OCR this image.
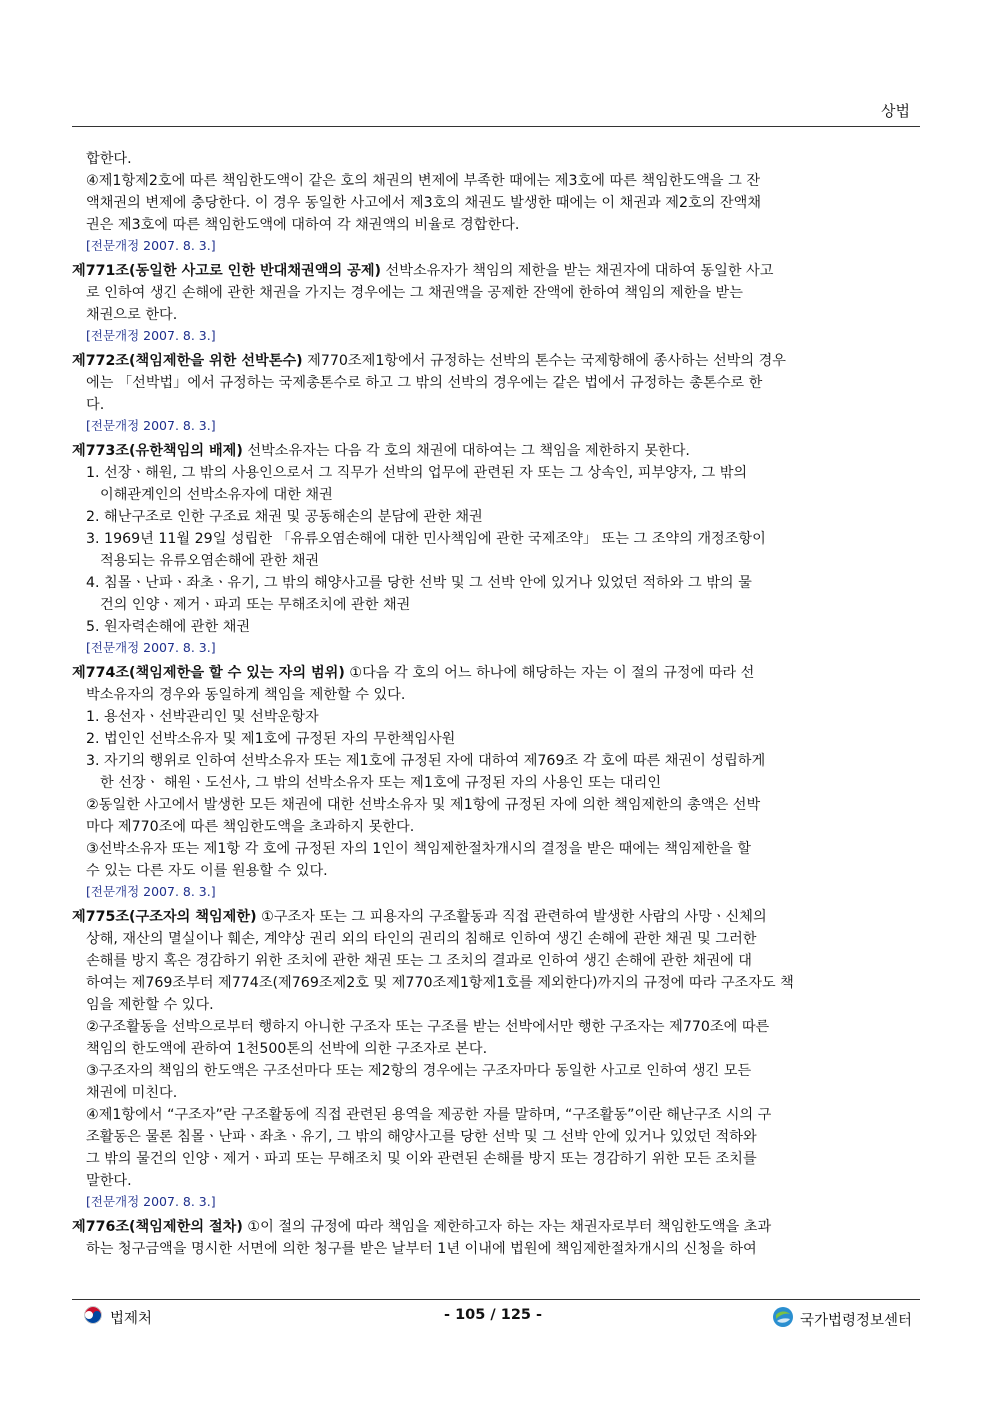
상법
합한다.
④제1항제2호에 따른 책임한도액이 같은 호의 채권의 변제에 부족한 때에는 제3호에 따른 책임한도액을 그 잔
액채권의 변제에 충당한다. 이 경우 동일한 사고에서 제3호의 채권도 발생한 때에는 이 채권과 제2호의 잔액채
권은 제3호에 따른 책임한도액에 대하여 각 채권액의 비율로 경합한다.
[전문개정 2007. 8. 3.]
제771조(동일한 사고로 인한 반대채권액의 공제) 선박소유자가 책임의 제한을 받는 채권자에 대하여 동일한 사고
로 인하여 생긴 손해에 관한 채권을 가지는 경우에는 그 채권액을 공제한 잔액에 한하여 책임의 제한을 받는
채권으로 한다.
[전문개정 2007. 8. 3.]
제772조(책임제한을 위한 선박톤수) 제770조제1항에서 규정하는 선박의 톤수는 국제항해에 종사하는 선박의 경우
에는 「선박법」에서 규정하는 국제총톤수로 하고 그 밖의 선박의 경우에는 같은 법에서 규정하는 총톤수로 한
다.
[전문개정 2007. 8. 3.]
제773조(유한책임의 배제) 선박소유자는 다음 각 호의 채권에 대하여는 그 책임을 제한하지 못한다.
1. 선장ㆍ해원, 그 밖의 사용인으로서 그 직무가 선박의 업무에 관련된 자 또는 그 상속인, 피부양자, 그 밖의
이해관계인의 선박소유자에 대한 채권
2. 해난구조로 인한 구조료 채권 및 공동해손의 분담에 관한 채권
3. 1969년 11월 29일 성립한 「유류오염손해에 대한 민사책임에 관한 국제조약」 또는 그 조약의 개정조항이
적용되는 유류오염손해에 관한 채권
4. 침몰ㆍ난파ㆍ좌초ㆍ유기, 그 밖의 해양사고를 당한 선박 및 그 선박 안에 있거나 있었던 적하와 그 밖의 물
건의 인양ㆍ제거ㆍ파괴 또는 무해조치에 관한 채권
5. 원자력손해에 관한 채권
[전문개정 2007. 8. 3.]
제774조(책임제한을 할 수 있는 자의 범위) ①다음 각 호의 어느 하나에 해당하는 자는 이 절의 규정에 따라 선
박소유자의 경우와 동일하게 책임을 제한할 수 있다.
1. 용선자ㆍ선박관리인 및 선박운항자
2. 법인인 선박소유자 및 제1호에 규정된 자의 무한책임사원
3. 자기의 행위로 인하여 선박소유자 또는 제1호에 규정된 자에 대하여 제769조 각 호에 따른 채권이 성립하게
한 선장ㆍ 해원ㆍ도선사, 그 밖의 선박소유자 또는 제1호에 규정된 자의 사용인 또는 대리인
②동일한 사고에서 발생한 모든 채권에 대한 선박소유자 및 제1항에 규정된 자에 의한 책임제한의 총액은 선박
마다 제770조에 따른 책임한도액을 초과하지 못한다.
③선박소유자 또는 제1항 각 호에 규정된 자의 1인이 책임제한절차개시의 결정을 받은 때에는 책임제한을 할
수 있는 다른 자도 이를 원용할 수 있다.
[전문개정 2007. 8. 3.]
제775조(구조자의 책임제한) ①구조자 또는 그 피용자의 구조활동과 직접 관련하여 발생한 사람의 사망ㆍ신체의
상해, 재산의 멸실이나 훼손, 계약상 권리 외의 타인의 권리의 침해로 인하여 생긴 손해에 관한 채권 및 그러한
손해를 방지 혹은 경감하기 위한 조치에 관한 채권 또는 그 조치의 결과로 인하여 생긴 손해에 관한 채권에 대
하여는 제769조부터 제774조(제769조제2호 및 제770조제1항제1호를 제외한다)까지의 규정에 따라 구조자도 책
임을 제한할 수 있다.
②구조활동을 선박으로부터 행하지 아니한 구조자 또는 구조를 받는 선박에서만 행한 구조자는 제770조에 따른
책임의 한도액에 관하여 1천500톤의 선박에 의한 구조자로 본다.
③구조자의 책임의 한도액은 구조선마다 또는 제2항의 경우에는 구조자마다 동일한 사고로 인하여 생긴 모든
채권에 미친다.
④제1항에서 “구조자”란 구조활동에 직접 관련된 용역을 제공한 자를 말하며, “구조활동”이란 해난구조 시의 구
조활동은 물론 침몰ㆍ난파ㆍ좌초ㆍ유기, 그 밖의 해양사고를 당한 선박 및 그 선박 안에 있거나 있었던 적하와
그 밖의 물건의 인양ㆍ제거ㆍ파괴 또는 무해조치 및 이와 관련된 손해를 방지 또는 경감하기 위한 모든 조치를
말한다.
[전문개정 2007. 8. 3.]
제776조(책임제한의 절차) ①이 절의 규정에 따라 책임을 제한하고자 하는 자는 채권자로부터 책임한도액을 초과
하는 청구금액을 명시한 서면에 의한 청구를 받은 날부터 1년 이내에 법원에 책임제한절차개시의 신청을 하여
법제처	- 105 / 125 -	국가법령정보센터
